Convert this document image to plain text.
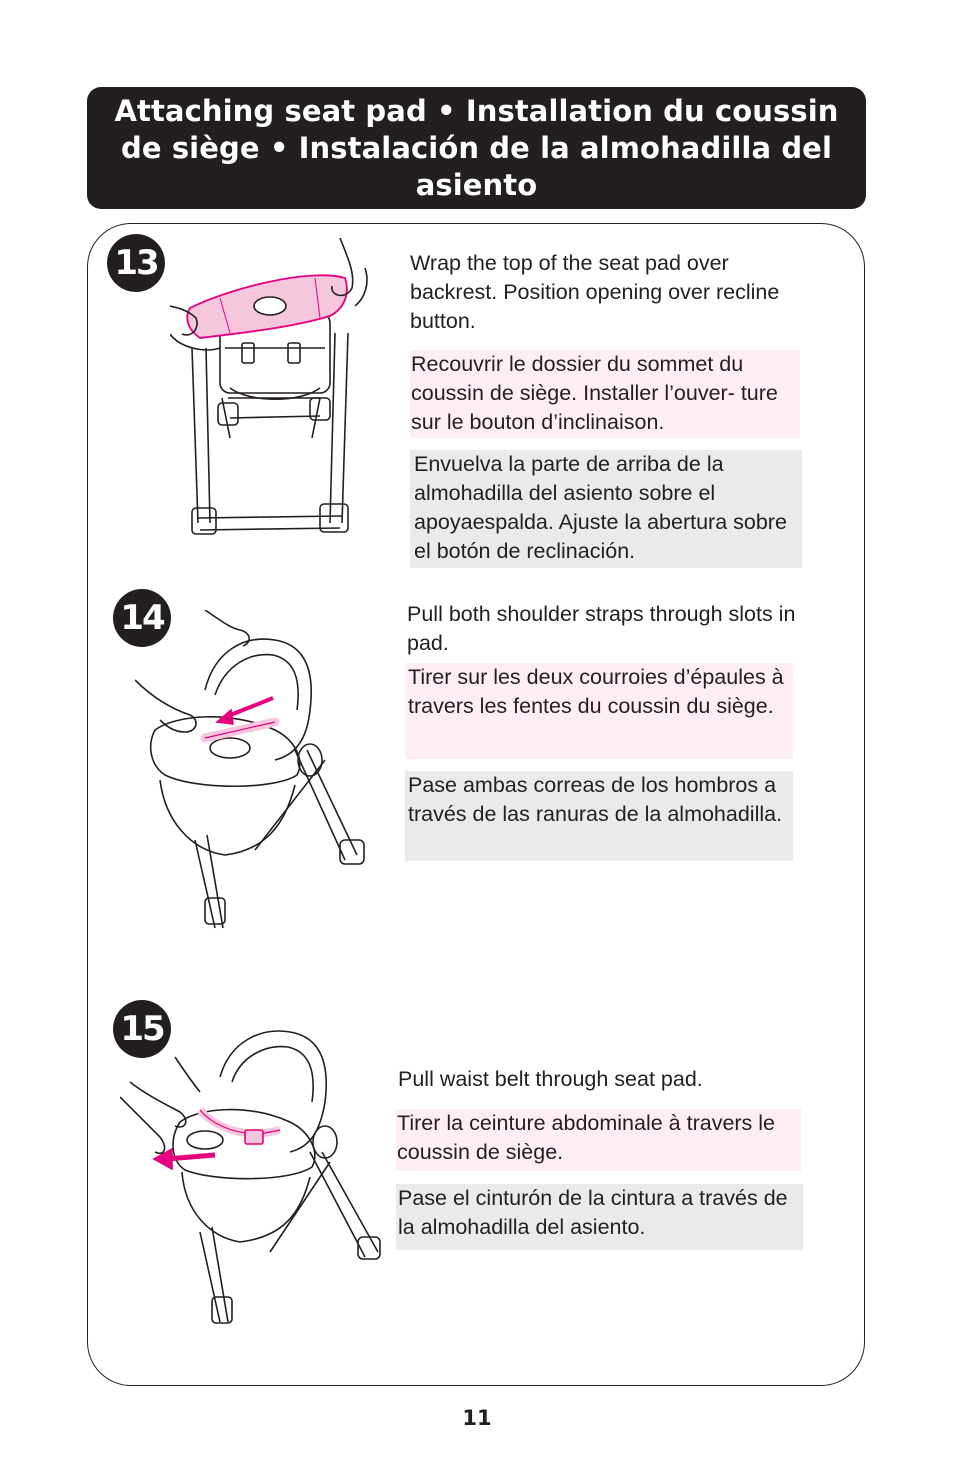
Attaching seat pad • Installation du coussin de siège • Instalación de la almohadilla del asiento
13	Wrap the top of the seat pad over backrest. Position opening over recline button.
Recouvrir le dossier du sommet du coussin de siège. Installer l’ouver- ture sur le bouton d’inclinaison.
Envuelva la parte de arriba de la almohadilla del asiento sobre el apoyaespalda. Ajuste la abertura sobre el botón de reclinación.
14	Pull both shoulder straps through slots in pad.
Tirer sur les deux courroies d’épaules à travers les fentes du coussin du siège.
Pase ambas correas de los hombros a través de las ranuras de la almohadilla.
15
Pull waist belt through seat pad.
Tirer la ceinture abdominale à travers le coussin de siège.
Pase el cinturón de la cintura a través de la almohadilla del asiento.
11
